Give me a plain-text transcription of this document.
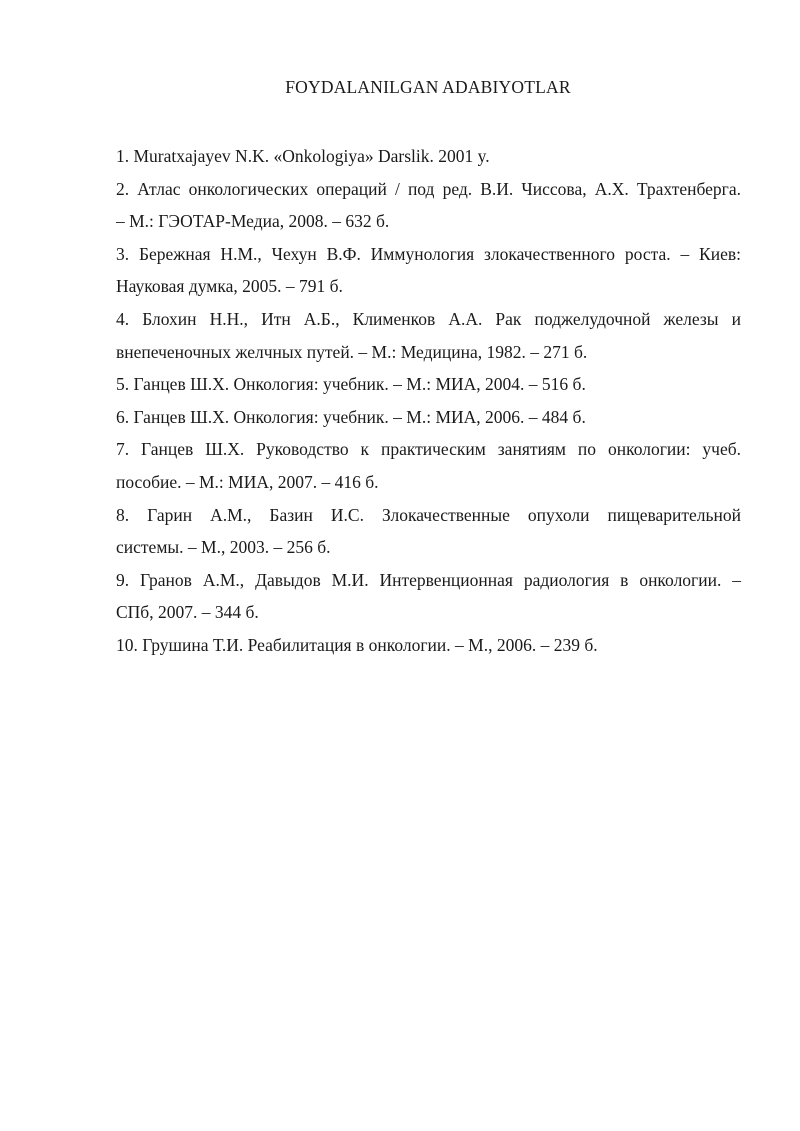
FOYDALANILGAN ADABIYOTLAR
1. Muratxajayev N.K. «Onkologiya» Darslik. 2001 y.
2. Атлас онкологических операций / под ред. В.И. Чиссова, А.Х. Трахтенберга.
– М.: ГЭОТАР-Медиа, 2008. – 632 б.
3. Бережная Н.М., Чехун В.Ф. Иммунология злокачественного роста. – Киев:
Науковая думка, 2005. – 791 б.
4. Блохин Н.Н., Итн А.Б., Клименков А.А. Рак поджелудочной железы и
внепеченочных желчных путей. – М.: Медицина, 1982. – 271 б.
5. Ганцев Ш.Х. Онкология: учебник. – М.: МИА, 2004. – 516 б.
6. Ганцев Ш.Х. Онкология: учебник. – М.: МИА, 2006. – 484 б.
7. Ганцев Ш.Х. Руководство к практическим занятиям по онкологии: учеб.
пособие. – М.: МИА, 2007. – 416 б.
8. Гарин А.М., Базин И.С. Злокачественные опухоли пищеварительной
системы. – М., 2003. – 256 б.
9. Гранов А.М., Давыдов М.И. Интервенционная радиология в онкологии. –
СПб, 2007. – 344 б.
10. Грушина Т.И. Реабилитация в онкологии. – М., 2006. – 239 б.
